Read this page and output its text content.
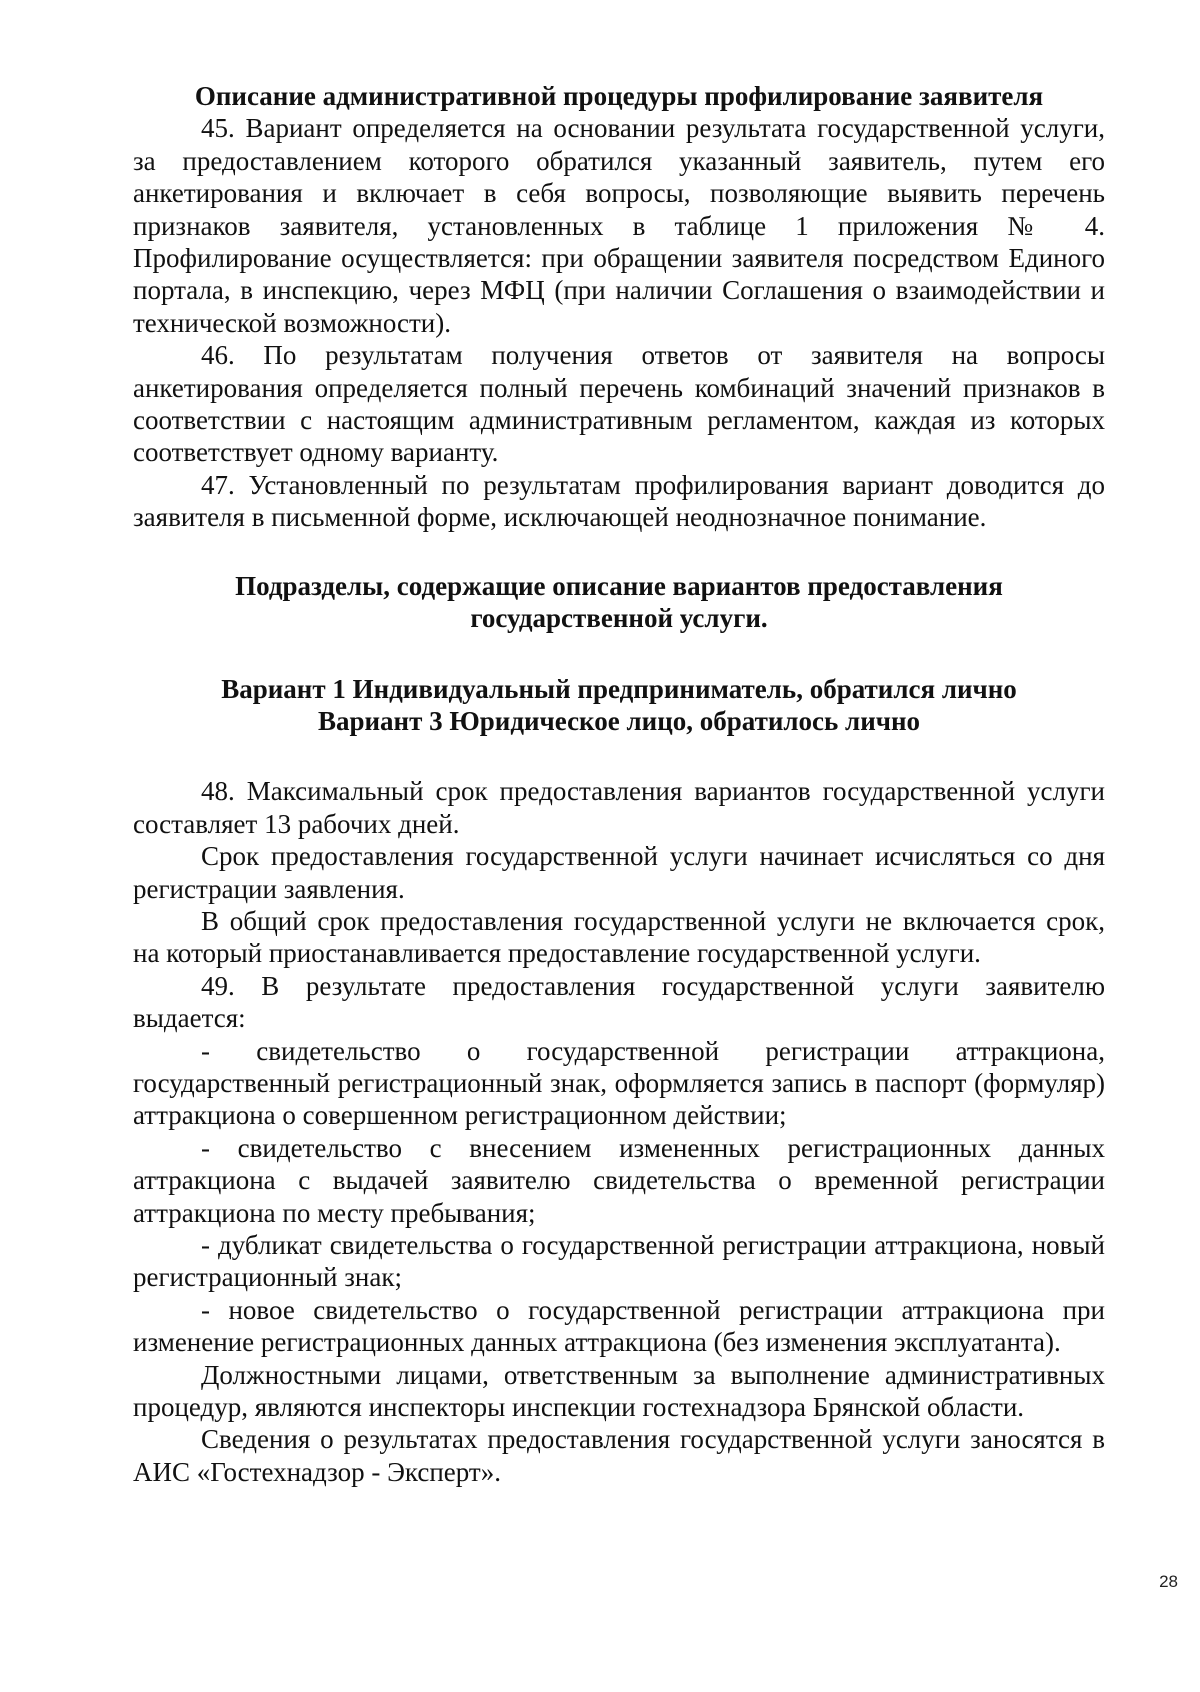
Описание административной процедуры профилирование заявителя

45. Вариант определяется на основании результата государственной услуги, за предоставлением которого обратился указанный заявитель, путем его анкетирования и включает в себя вопросы, позволяющие выявить перечень признаков заявителя, установленных в таблице 1 приложения № 4. Профилирование осуществляется: при обращении заявителя посредством Единого портала, в инспекцию, через МФЦ (при наличии Соглашения о взаимодействии и технической возможности).

46. По результатам получения ответов от заявителя на вопросы анкетирования определяется полный перечень комбинаций значений признаков в соответствии с настоящим административным регламентом, каждая из которых соответствует одному варианту.

47. Установленный по результатам профилирования вариант доводится до заявителя в письменной форме, исключающей неоднозначное понимание.

Подразделы, содержащие описание вариантов предоставления
государственной услуги.
Вариант 1 Индивидуальный предприниматель, обратился лично
Вариант 3 Юридическое лицо, обратилось лично

48. Максимальный срок предоставления вариантов государственной услуги составляет 13 рабочих дней.

Срок предоставления государственной услуги начинает исчисляться со дня регистрации заявления.

В общий срок предоставления государственной услуги не включается срок, на который приостанавливается предоставление государственной услуги.

49. В результате предоставления государственной услуги заявителю выдается:

- свидетельство о государственной регистрации аттракциона, государственный регистрационный знак, оформляется запись в паспорт (формуляр) аттракциона о совершенном регистрационном действии;

- свидетельство с внесением измененных регистрационных данных аттракциона с выдачей заявителю свидетельства о временной регистрации аттракциона по месту пребывания;

- дубликат свидетельства о государственной регистрации аттракциона, новый регистрационный знак;

- новое свидетельство о государственной регистрации аттракциона при изменение регистрационных данных аттракциона (без изменения эксплуатанта).

Должностными лицами, ответственным за выполнение административных процедур, являются инспекторы инспекции гостехнадзора Брянской области.

Сведения о результатах предоставления государственной услуги заносятся в АИС «Гостехнадзор - Эксперт».

28
